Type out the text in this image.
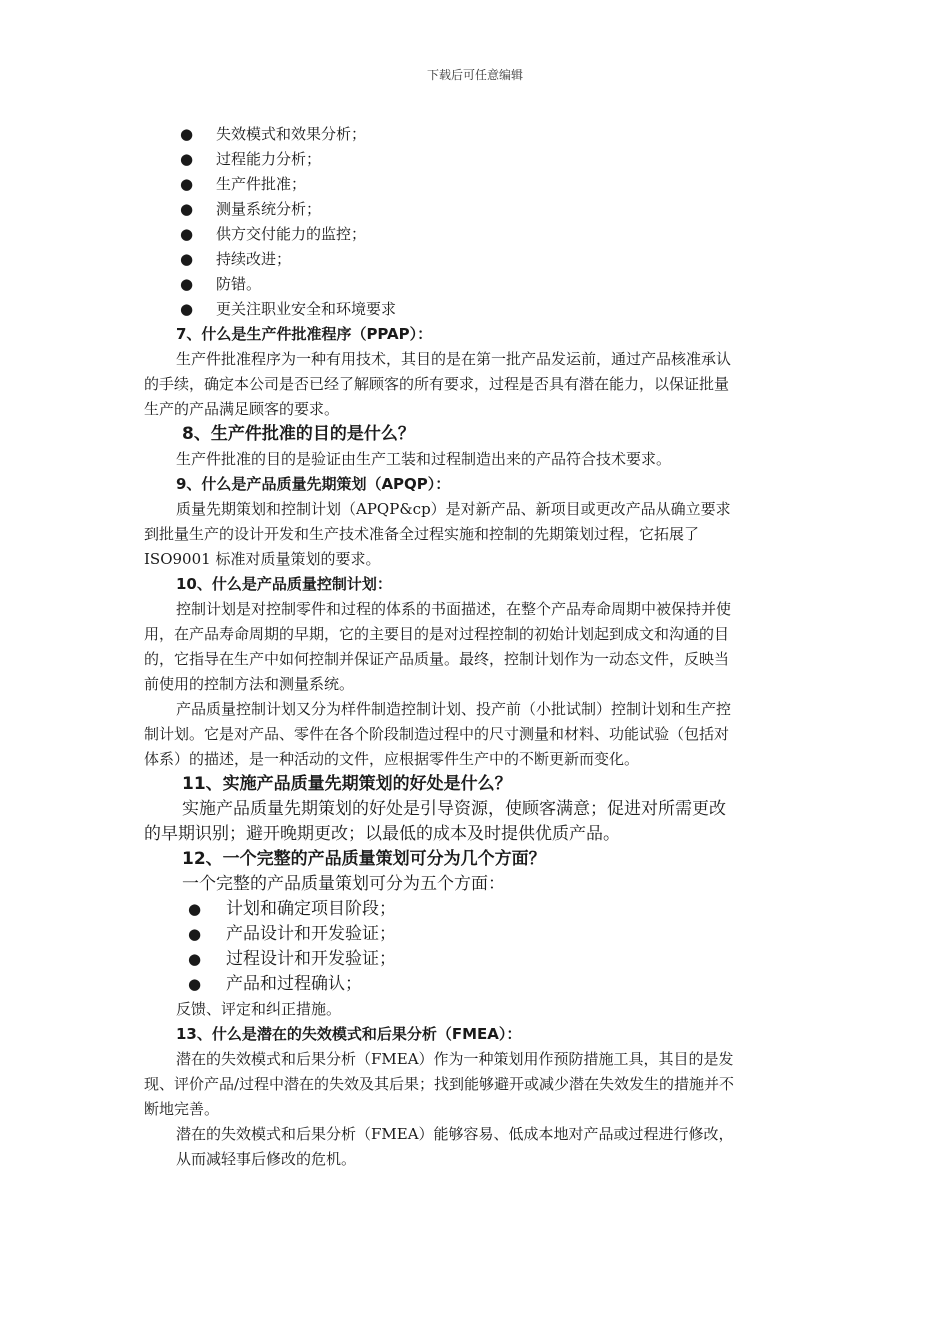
下载后可任意编辑
● 失效模式和效果分析；
● 过程能力分析；
● 生产件批准；
● 测量系统分析；
● 供方交付能力的监控；
● 持续改进；
● 防错。
● 更关注职业安全和环境要求
7、什么是生产件批准程序（PPAP）：
生产件批准程序为一种有用技术，其目的是在第一批产品发运前，通过产品核准承认
的手续，确定本公司是否已经了解顾客的所有要求，过程是否具有潜在能力，以保证批量
生产的产品满足顾客的要求。
8、生产件批准的目的是什么？
生产件批准的目的是验证由生产工装和过程制造出来的产品符合技术要求。
9、什么是产品质量先期策划（APQP）：
质量先期策划和控制计划（APQP&cp）是对新产品、新项目或更改产品从确立要求
到批量生产的设计开发和生产技术准备全过程实施和控制的先期策划过程，它拓展了
ISO9001 标准对质量策划的要求。
10、什么是产品质量控制计划：
控制计划是对控制零件和过程的体系的书面描述，在整个产品寿命周期中被保持并使
用，在产品寿命周期的早期，它的主要目的是对过程控制的初始计划起到成文和沟通的目
的，它指导在生产中如何控制并保证产品质量。最终，控制计划作为一动态文件，反映当
前使用的控制方法和测量系统。
产品质量控制计划又分为样件制造控制计划、投产前（小批试制）控制计划和生产控
制计划。它是对产品、零件在各个阶段制造过程中的尺寸测量和材料、功能试验（包括对
体系）的描述，是一种活动的文件，应根据零件生产中的不断更新而变化。
11、实施产品质量先期策划的好处是什么？
实施产品质量先期策划的好处是引导资源，使顾客满意；促进对所需更改
的早期识别；避开晚期更改；以最低的成本及时提供优质产品。
12、一个完整的产品质量策划可分为几个方面？
一个完整的产品质量策划可分为五个方面：
● 计划和确定项目阶段；
● 产品设计和开发验证；
● 过程设计和开发验证；
● 产品和过程确认；
反馈、评定和纠正措施。
13、什么是潜在的失效模式和后果分析（FMEA）：
潜在的失效模式和后果分析（FMEA）作为一种策划用作预防措施工具，其目的是发
现、评价产品/过程中潜在的失效及其后果；找到能够避开或减少潜在失效发生的措施并不
断地完善。
潜在的失效模式和后果分析（FMEA）能够容易、低成本地对产品或过程进行修改，
从而减轻事后修改的危机。
